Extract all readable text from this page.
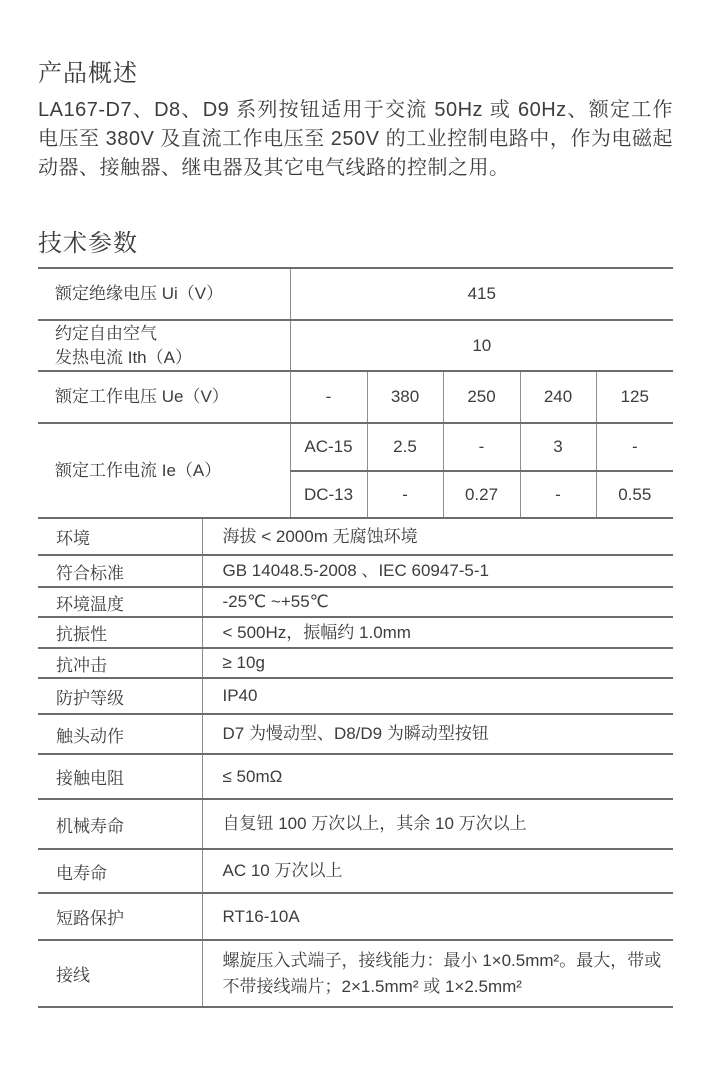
产品概述

LA167-D7、D8、D9 系列按钮适用于交流 50Hz 或 60Hz、额定工作电压至 380V 及直流工作电压至 250V 的工业控制电路中，作为电磁起动器、接触器、继电器及其它电气线路的控制之用。

技术参数
额定绝缘电压 Ui（V）	415				

约定自由空气
发热电流 Ith（A）	10				
额定工作电压 Ue（V）	-	380	250	240	125
额定工作电流 Ie（A）	AC-15	2.5	-	3	-
	DC-13	-	0.27	-	0.55
环境	海拔 < 2000m 无腐蚀环境
符合标准	GB 14048.5-2008 、IEC 60947-5-1
环境温度	-25℃ ~+55℃
抗振性	< 500Hz，振幅约 1.0mm
抗冲击	≥ 10g
防护等级	IP40
触头动作	D7 为慢动型、D8/D9 为瞬动型按钮
接触电阻	≤ 50mΩ
机械寿命	自复钮 100 万次以上，其余 10 万次以上
电寿命	AC 10 万次以上
短路保护	RT16-10A
接线	螺旋压入式端子，接线能力：最小 1×0.5mm²。最大，带或不带接线端片；2×1.5mm² 或 1×2.5mm²
